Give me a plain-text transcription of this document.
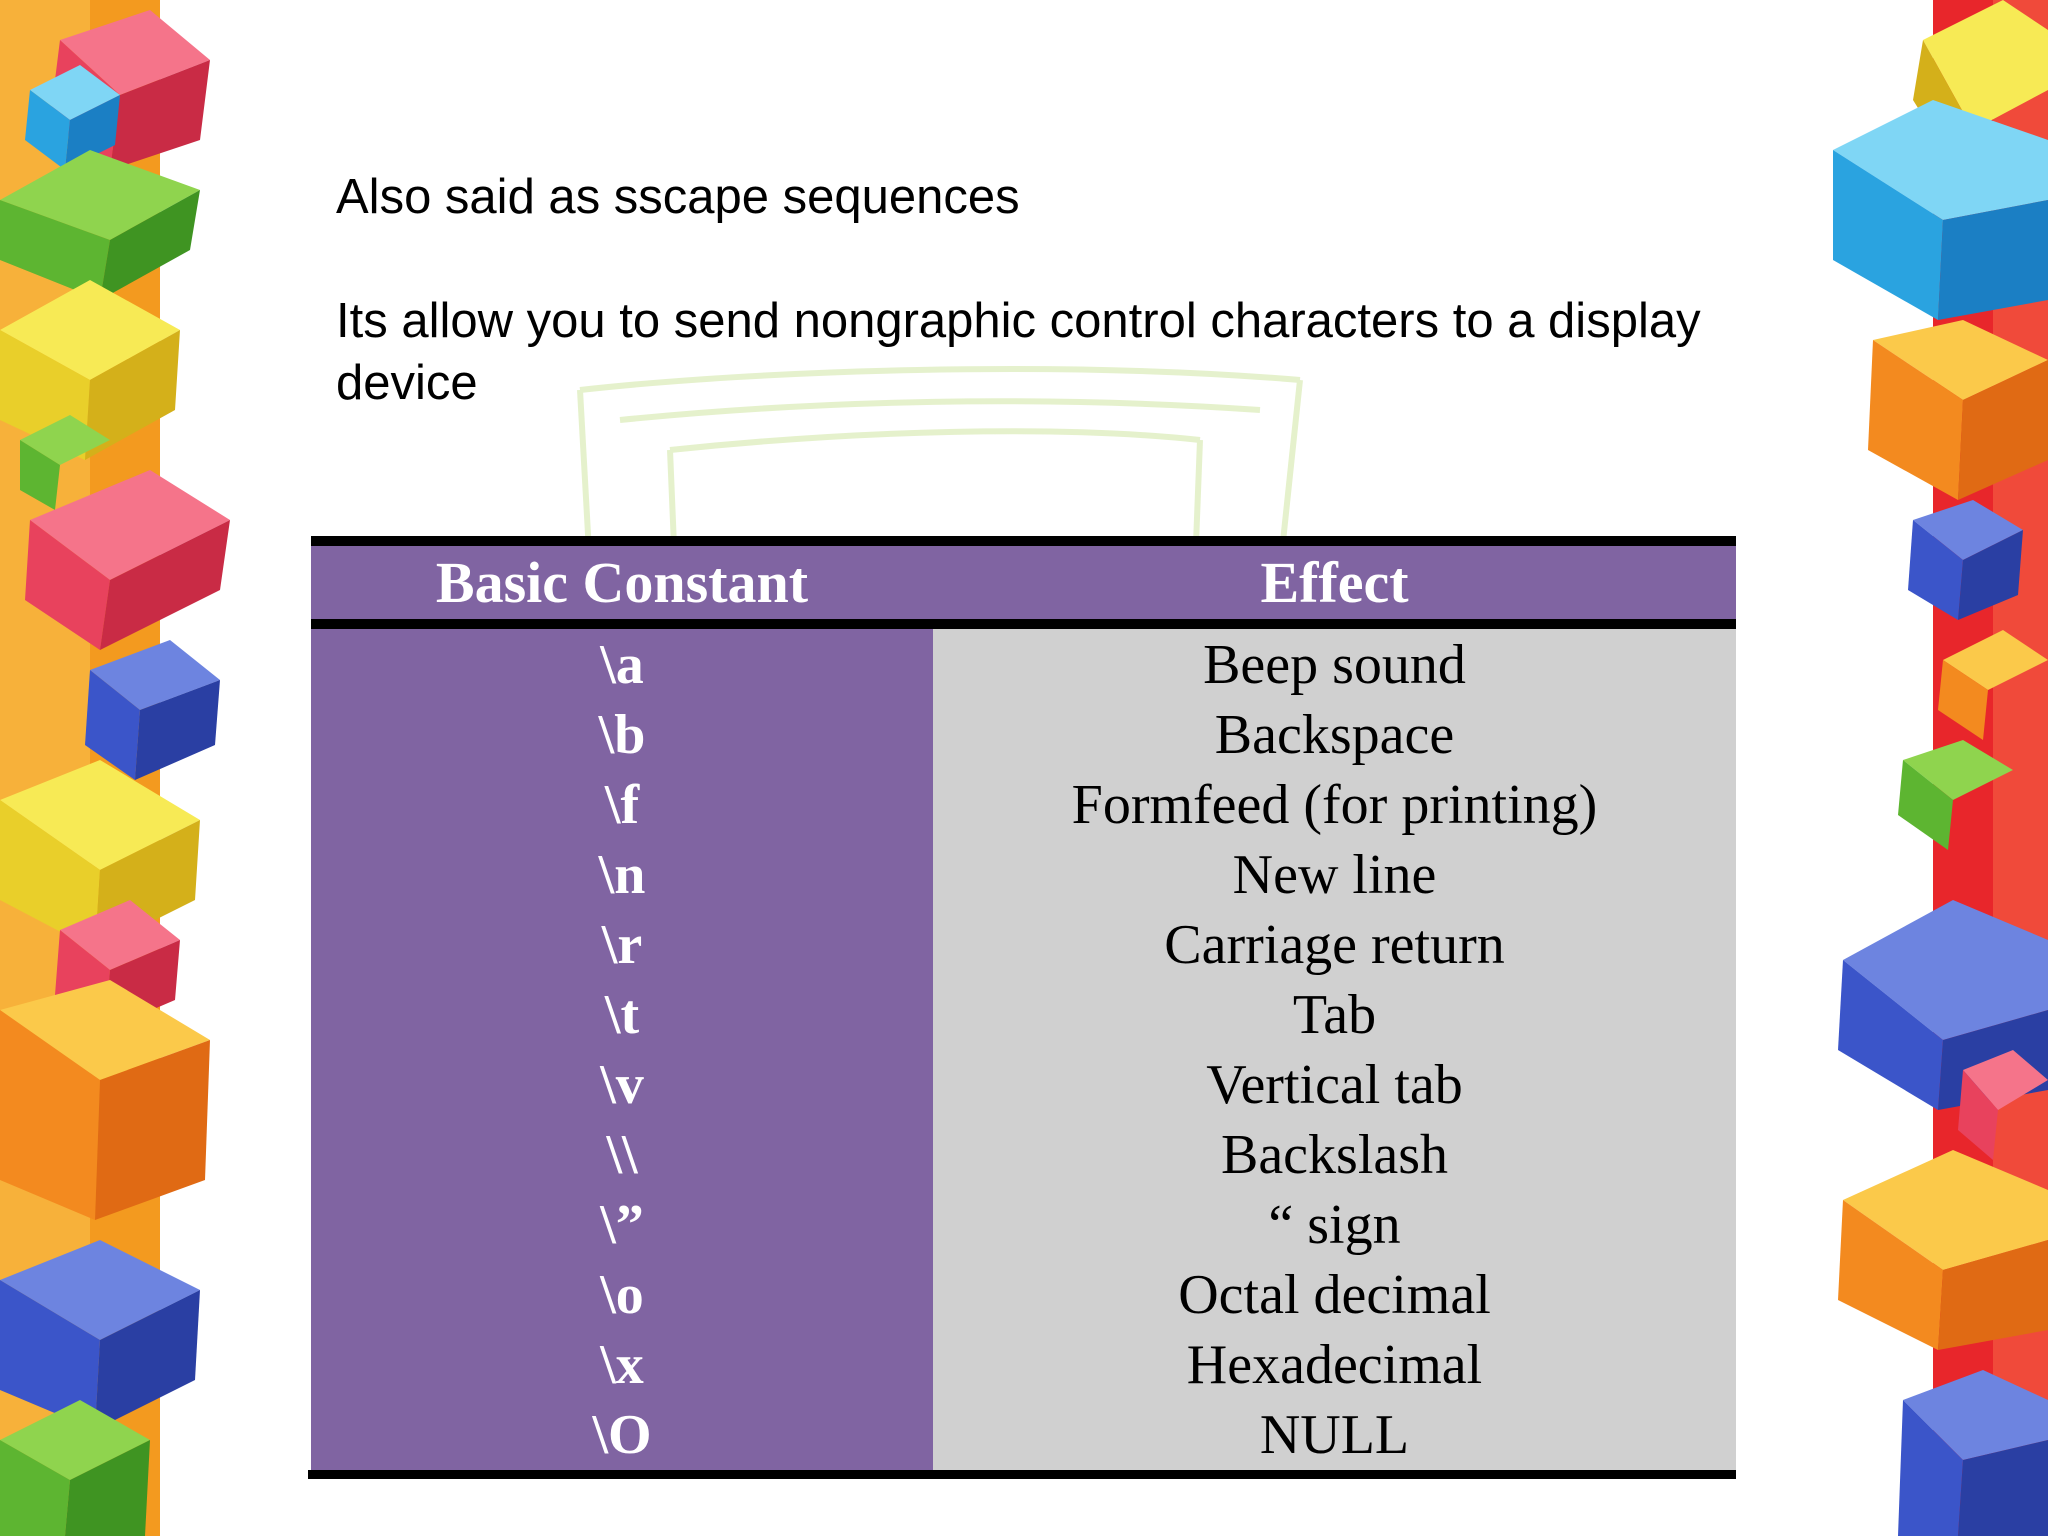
Also said as sscape sequences
Its allow you to send nongraphic control characters to a display device
Basic Constant	Effect
\a
\b
\f
\n
\r
\t
\v
\\
\”
\o
\x
\O
Beep sound
Backspace
Formfeed (for printing)
New line
Carriage return
Tab
Vertical tab
Backslash
“ sign
Octal decimal
Hexadecimal
NULL
